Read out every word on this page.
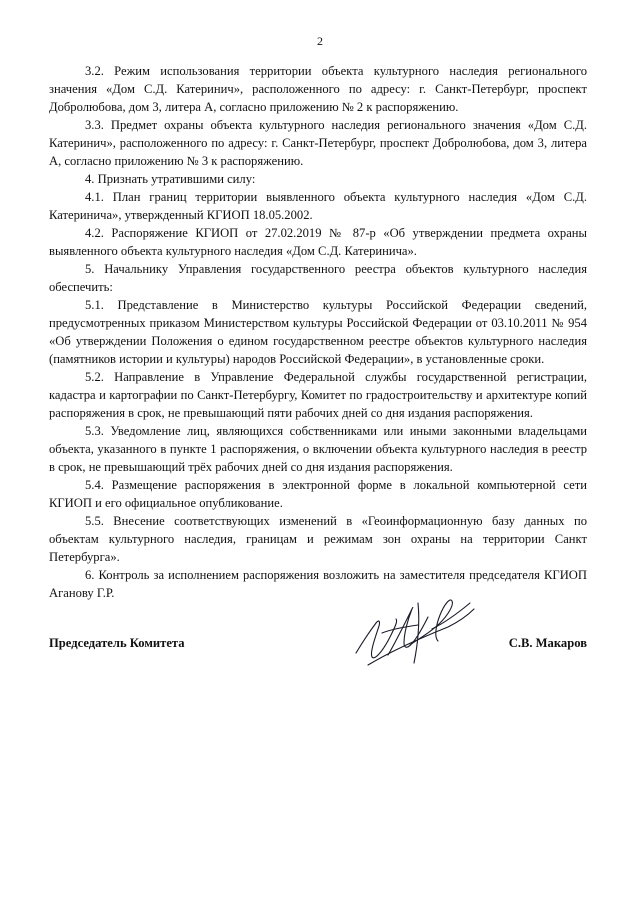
2

3.2. Режим использования территории объекта культурного наследия регионального значения «Дом С.Д. Катеринич», расположенного по адресу: г. Санкт-Петербург, проспект Добролюбова, дом 3, литера А, согласно приложению № 2 к распоряжению.

3.3. Предмет охраны объекта культурного наследия регионального значения «Дом С.Д. Катеринич», расположенного по адресу: г. Санкт-Петербург, проспект Добролюбова, дом 3, литера А, согласно приложению № 3 к распоряжению.

4. Признать утратившими силу:

4.1. План границ территории выявленного объекта культурного наследия «Дом С.Д. Катеринича», утвержденный КГИОП 18.05.2002.

4.2. Распоряжение КГИОП от 27.02.2019 № 87-р «Об утверждении предмета охраны выявленного объекта культурного наследия «Дом С.Д. Катеринича».

5. Начальнику Управления государственного реестра объектов культурного наследия обеспечить:

5.1. Представление в Министерство культуры Российской Федерации сведений, предусмотренных приказом Министерством культуры Российской Федерации от 03.10.2011 № 954 «Об утверждении Положения о едином государственном реестре объектов культурного наследия (памятников истории и культуры) народов Российской Федерации», в установленные сроки.

5.2. Направление в Управление Федеральной службы государственной регистрации, кадастра и картографии по Санкт-Петербургу, Комитет по градостроительству и архитектуре копий распоряжения в срок, не превышающий пяти рабочих дней со дня издания распоряжения.

5.3. Уведомление лиц, являющихся собственниками или иными законными владельцами объекта, указанного в пункте 1 распоряжения, о включении объекта культурного наследия в реестр в срок, не превышающий трёх рабочих дней со дня издания распоряжения.

5.4. Размещение распоряжения в электронной форме в локальной компьютерной сети КГИОП и его официальное опубликование.

5.5. Внесение соответствующих изменений в «Геоинформационную базу данных по объектам культурного наследия, границам и режимам зон охраны на территории Санкт Петербурга».

6. Контроль за исполнением распоряжения возложить на заместителя председателя КГИОП Аганову Г.Р.

Председатель Комитета	С.В. Макаров
